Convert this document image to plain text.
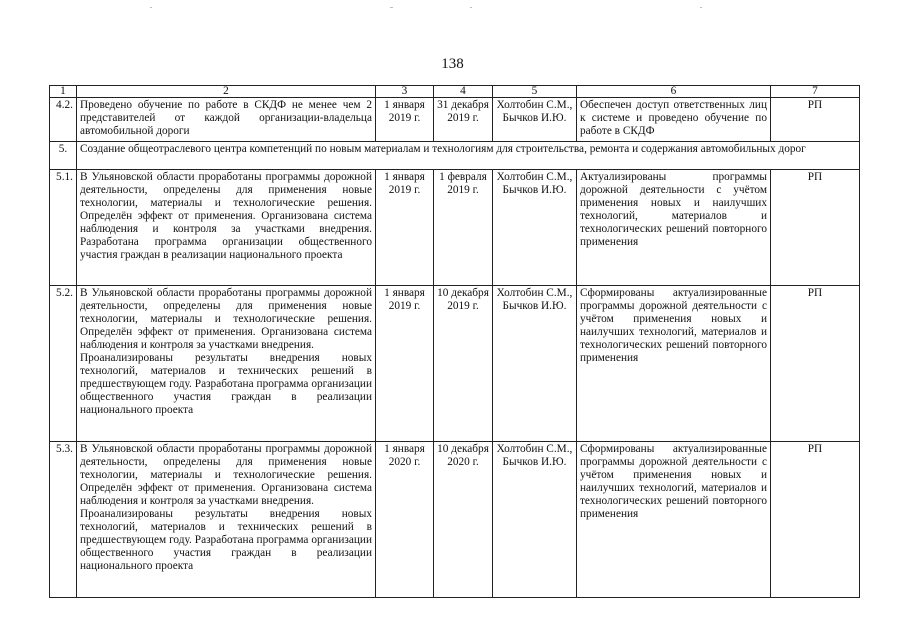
138
1	2	3	4	5	6	7
4.2.	Проведено обучение по работе в СКДФ не менее чем 2 представителей от каждой организации-владельца автомобильной дороги	1 января 2019 г.	31 декабря 2019 г.	Холтобин С.М., Бычков И.Ю.	Обеспечен доступ ответственных лиц к системе и проведено обучение по работе в СКДФ	РП
5.	Создание общеотраслевого центра компетенций по новым материалам и технологиям для строительства, ремонта и содержания автомобильных дорог					
5.1.	В Ульяновской области проработаны программы дорожной деятельности, определены для применения новые технологии, материалы и технологические решения. Определён эффект от применения. Организована система наблюдения и контроля за участками внедрения. Разработана программа организации общественного участия граждан в реализации национального проекта	1 января 2019 г.	1 февраля 2019 г.	Холтобин С.М., Бычков И.Ю.	Актуализированы программы дорожной деятельности с учётом применения новых и наилучших технологий, материалов и технологических решений повторного применения	РП
5.2.	В Ульяновской области проработаны программы дорожной деятельности, определены для применения новые технологии, материалы и технологические решения. Определён эффект от применения. Организована система наблюдения и контроля за участками внедрения.
Проанализированы результаты внедрения новых технологий, материалов и технических решений в предшествующем году. Разработана программа организации общественного участия граждан в реализации национального проекта	1 января 2019 г.	10 декабря 2019 г.	Холтобин С.М., Бычков И.Ю.	Сформированы актуализированные программы дорожной деятельности с учётом применения новых и наилучших технологий, материалов и технологических решений повторного применения	РП
5.3.	В Ульяновской области проработаны программы дорожной деятельности, определены для применения новые технологии, материалы и технологические решения. Определён эффект от применения. Организована система наблюдения и контроля за участками внедрения.
Проанализированы результаты внедрения новых технологий, материалов и технических решений в предшествующем году. Разработана программа организации общественного участия граждан в реализации национального проекта	1 января 2020 г.	10 декабря 2020 г.	Холтобин С.М., Бычков И.Ю.	Сформированы актуализированные программы дорожной деятельности с учётом применения новых и наилучших технологий, материалов и технологических решений повторного применения	РП
